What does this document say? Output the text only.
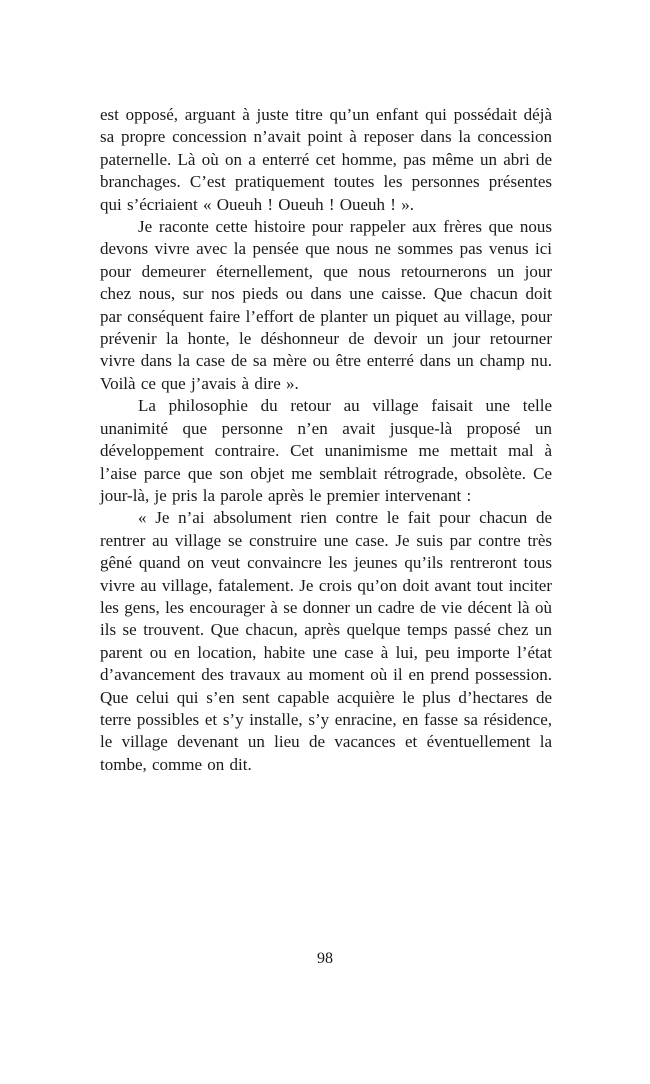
est opposé, arguant à juste titre qu’un enfant qui possédait déjà sa propre concession n’avait point à reposer dans la concession paternelle. Là où on a enterré cet homme, pas même un abri de branchages. C’est pratiquement toutes les personnes présentes qui s’écriaient « Oueuh ! Oueuh ! Oueuh ! ».

Je raconte cette histoire pour rappeler aux frères que nous devons vivre avec la pensée que nous ne sommes pas venus ici pour demeurer éternellement, que nous retournerons un jour chez nous, sur nos pieds ou dans une caisse. Que chacun doit par conséquent faire l’effort de planter un piquet au village, pour prévenir la honte, le déshonneur de devoir un jour retourner vivre dans la case de sa mère ou être enterré dans un champ nu. Voilà ce que j’avais à dire ».

La philosophie du retour au village faisait une telle unanimité que personne n’en avait jusque-là proposé un développement contraire. Cet unanimisme me mettait mal à l’aise parce que son objet me semblait rétrograde, obsolète. Ce jour-là, je pris la parole après le premier intervenant :

« Je n’ai absolument rien contre le fait pour chacun de rentrer au village se construire une case. Je suis par contre très gêné quand on veut convaincre les jeunes qu’ils rentreront tous vivre au village, fatalement. Je crois qu’on doit avant tout inciter les gens, les encourager à se donner un cadre de vie décent là où ils se trouvent. Que chacun, après quelque temps passé chez un parent ou en location, habite une case à lui, peu importe l’état d’avancement des travaux au moment où il en prend possession. Que celui qui s’en sent capable acquière le plus d’hectares de terre possibles et s’y installe, s’y enracine, en fasse sa résidence, le village devenant un lieu de vacances et éventuellement la tombe, comme on dit.

98
